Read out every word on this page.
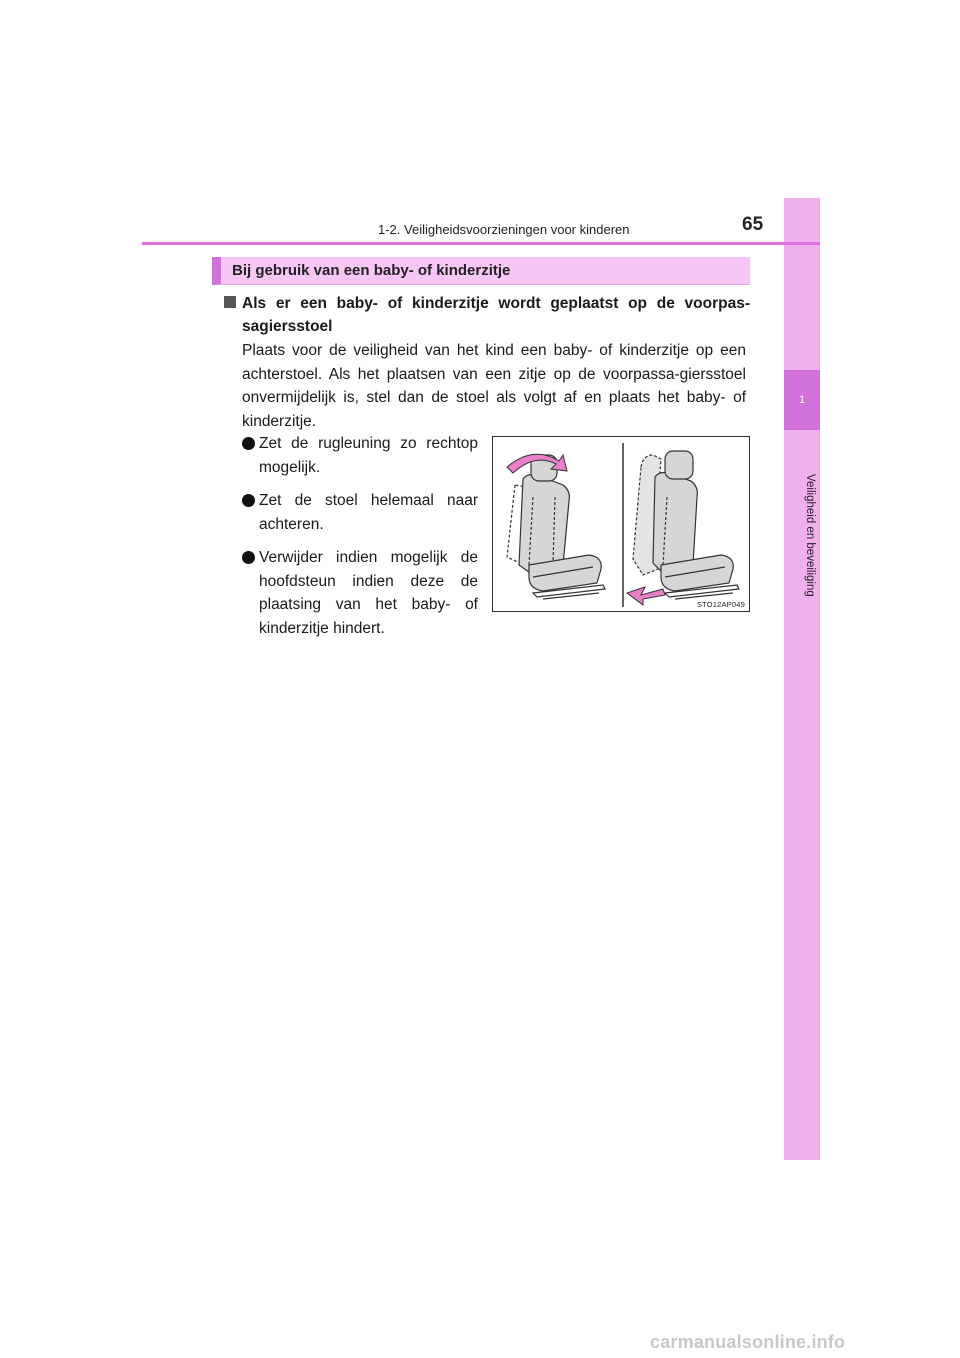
1
Veiligheid en beveiliging
1-2. Veiligheidsvoorzieningen voor kinderen	65
Bij gebruik van een baby- of kinderzitje
Als er een baby- of kinderzitje wordt geplaatst op de voorpas-sagiersstoel
Plaats voor de veiligheid van het kind een baby- of kinderzitje op een achterstoel. Als het plaatsen van een zitje op de voorpassa-giersstoel onvermijdelijk is, stel dan de stoel als volgt af en plaats het baby- of kinderzitje.
Zet de rugleuning zo rechtop mogelijk.
Zet de stoel helemaal naar achteren.
Verwijder indien mogelijk de hoofdsteun indien deze de plaatsing van het baby- of kinderzitje hindert.
STO12AP049
carmanualsonline.info
